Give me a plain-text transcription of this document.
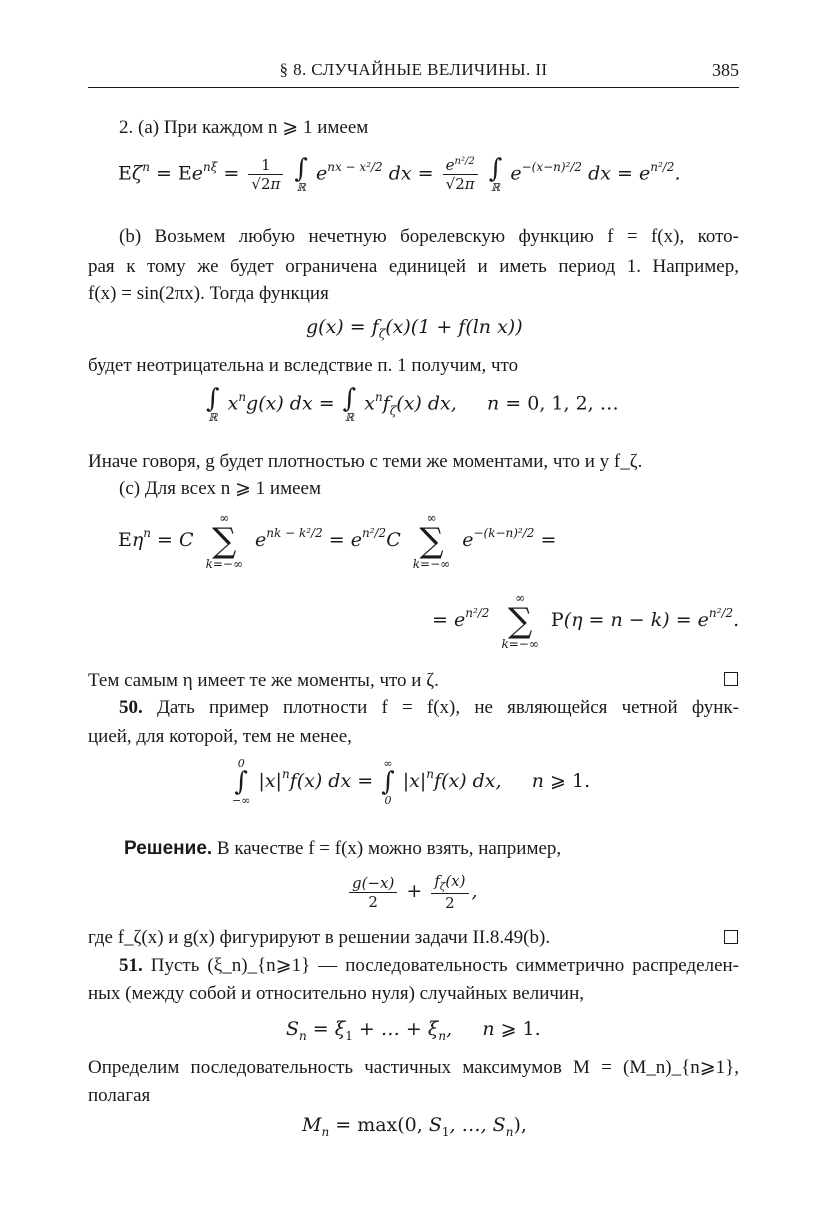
§ 8. СЛУЧАЙНЫЕ ВЕЛИЧИНЫ. II	385
2. (a) При каждом n ⩾ 1 имеем
$E\zeta^n = Ee^{n\xi} = \frac{1}{√2\pi}$
∫
ℝ
$e^{nx - x^2/2}$ dx = $\frac{e^{n^2/2}}{√2\pi}$
∫
ℝ
$e^{-(x-n)^2/2}$ dx = $e^{n^2/2}$.
(b) Возьмем любую нечетную борелевскую функцию f = f(x), кото-
рая к тому же будет ограничена единицей и иметь период 1. Например,
f(x) = sin(2πx). Тогда функция
$g(x) = f_\zeta(x)(1 + f(\ln$ x))
будет неотрицательна и вследствие п. 1 получим, что
∫
ℝ
$x^ng(x)$ dx = ∫
ℝ
$x^nf_\zeta(x)$ dx,     n = 0, 1, 2, …
Иначе говоря, g будет плотностью с теми же моментами, что и у f_ζ.
(c) Для всех n ⩾ 1 имеем
$E\eta^n = C$
∞
∑
k=−∞
$e^{nk - k^2/2} = e^{n^2/2}C$
∞
∑
k=−∞
$e^{-(k-n)^2/2}$ =
= $e^{n^2/2}$
∞
∑
k=−∞
$P(\eta = n - k) = e^{n^2/2}$.
Тем самым η имеет те же моменты, что и ζ.
50. Дать пример плотности f = f(x), не являющейся четной функ-
цией, для которой, тем не менее,
0
∫
−∞
$|x|^nf(x)$ dx =
∞
∫
0
$|x|^nf(x)$ dx,     n ⩾ 1.
Решение. В качестве f = f(x) можно взять, например,
$\frac{g(-x)}{2} + \frac{f_\zeta(x)}{2}$ ,
где f_ζ(x) и g(x) фигурируют в решении задачи II.8.49(b).
51. Пусть (ξ_n)_{n⩾1} — последовательность симметрично распределен-
ных (между собой и относительно нуля) случайных величин,
$S_n = \xi_1$ + … + $\xi_n$,     n ⩾ 1.
Определим последовательность частичных максимумов M = (M_n)_{n⩾1},
полагая
$M_n = \max(0$, $S_1$, …, $S_n$),
